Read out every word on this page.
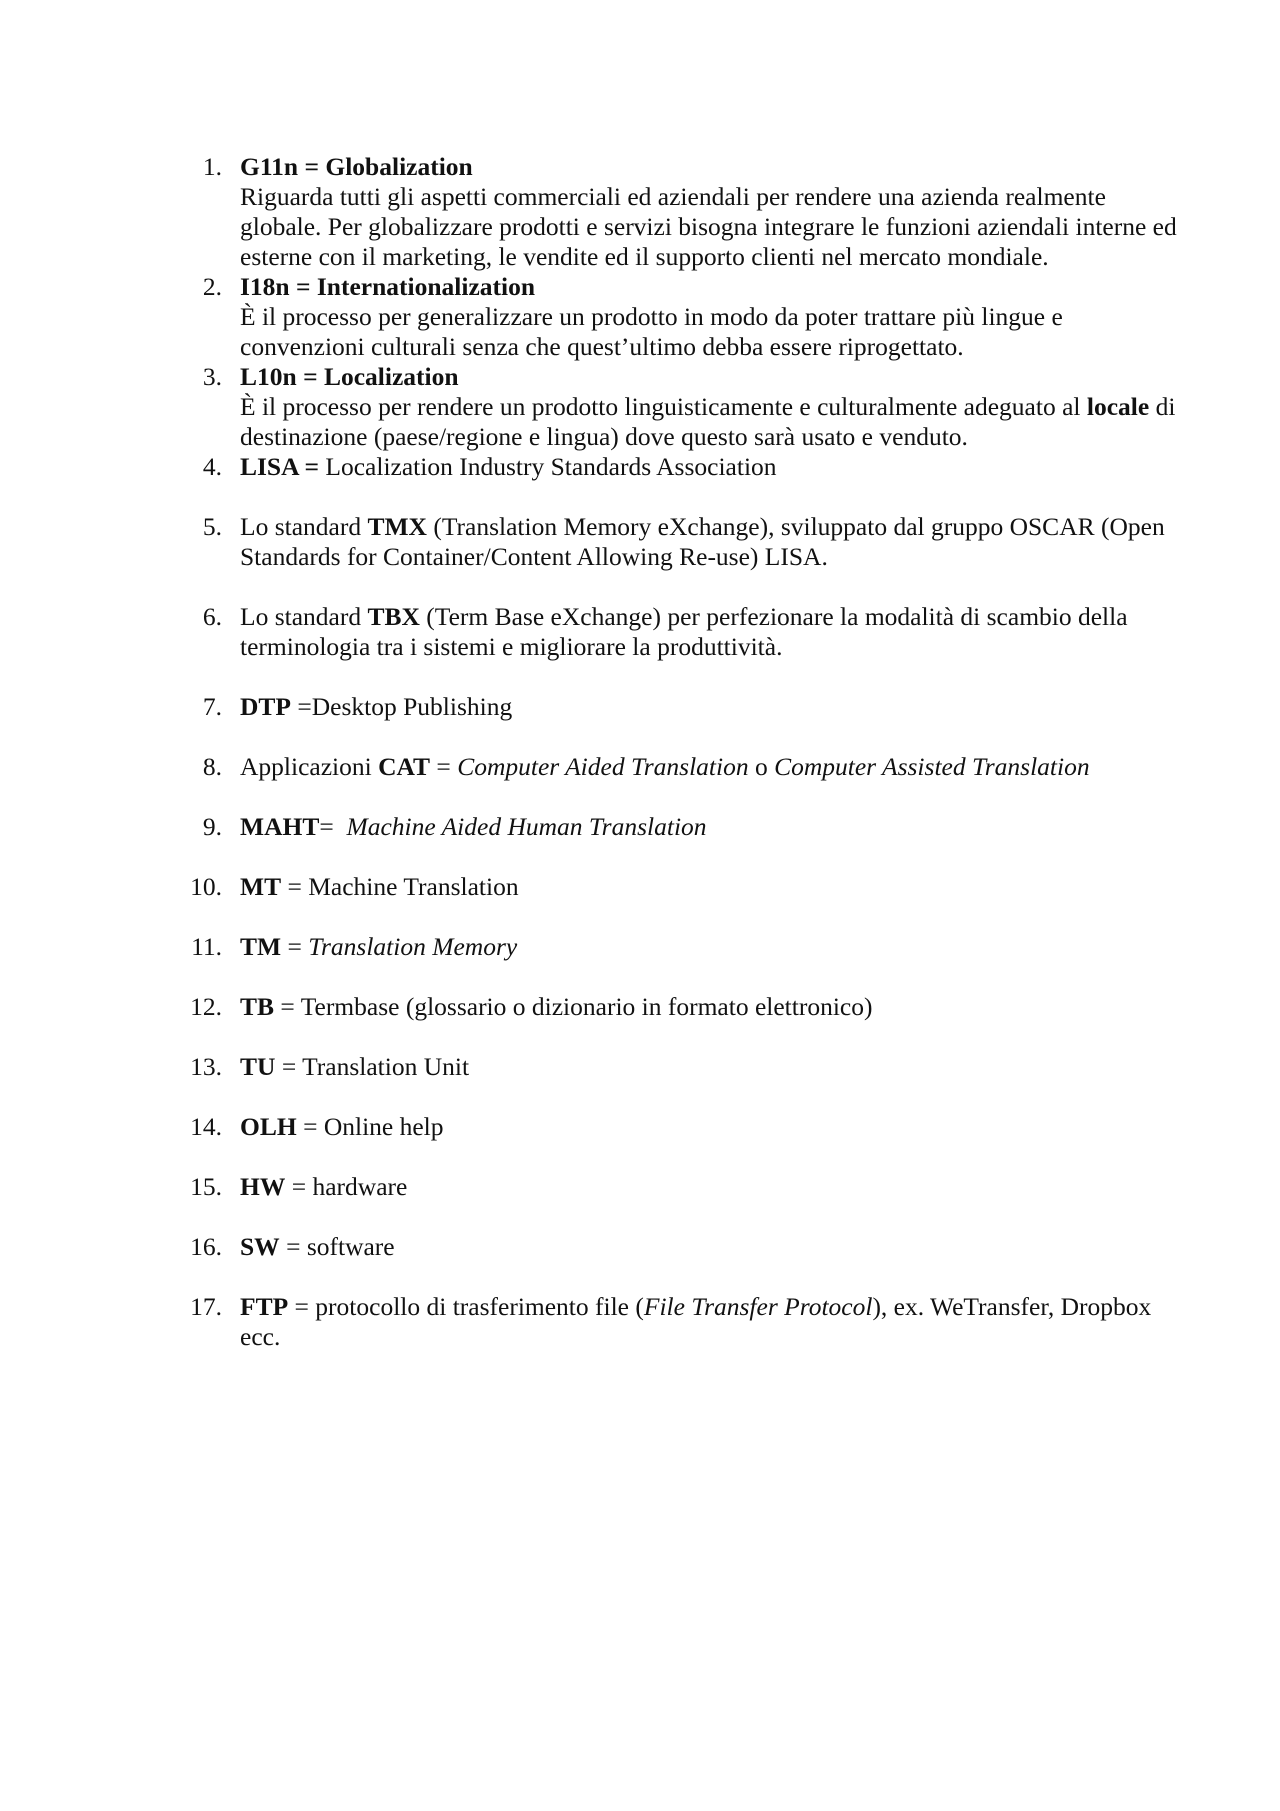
1. G11n = Globalization
Riguarda tutti gli aspetti commerciali ed aziendali per rendere una azienda realmente globale. Per globalizzare prodotti e servizi bisogna integrare le funzioni aziendali interne ed esterne con il marketing, le vendite ed il supporto clienti nel mercato mondiale.
2. I18n = Internationalization
È il processo per generalizzare un prodotto in modo da poter trattare più lingue e convenzioni culturali senza che quest’ultimo debba essere riprogettato.
3. L10n = Localization
È il processo per rendere un prodotto linguisticamente e culturalmente adeguato al locale di destinazione (paese/regione e lingua) dove questo sarà usato e venduto.
4. LISA = Localization Industry Standards Association
5. Lo standard TMX (Translation Memory eXchange), sviluppato dal gruppo OSCAR (Open Standards for Container/Content Allowing Re-use) LISA.
6. Lo standard TBX (Term Base eXchange) per perfezionare la modalità di scambio della terminologia tra i sistemi e migliorare la produttività.
7. DTP =Desktop Publishing
8. Applicazioni CAT = Computer Aided Translation o Computer Assisted Translation
9. MAHT=  Machine Aided Human Translation
10. MT = Machine Translation
11. TM = Translation Memory
12. TB = Termbase (glossario o dizionario in formato elettronico)
13. TU = Translation Unit
14. OLH = Online help
15. HW = hardware
16. SW = software
17. FTP = protocollo di trasferimento file (File Transfer Protocol), ex. WeTransfer, Dropbox ecc.
